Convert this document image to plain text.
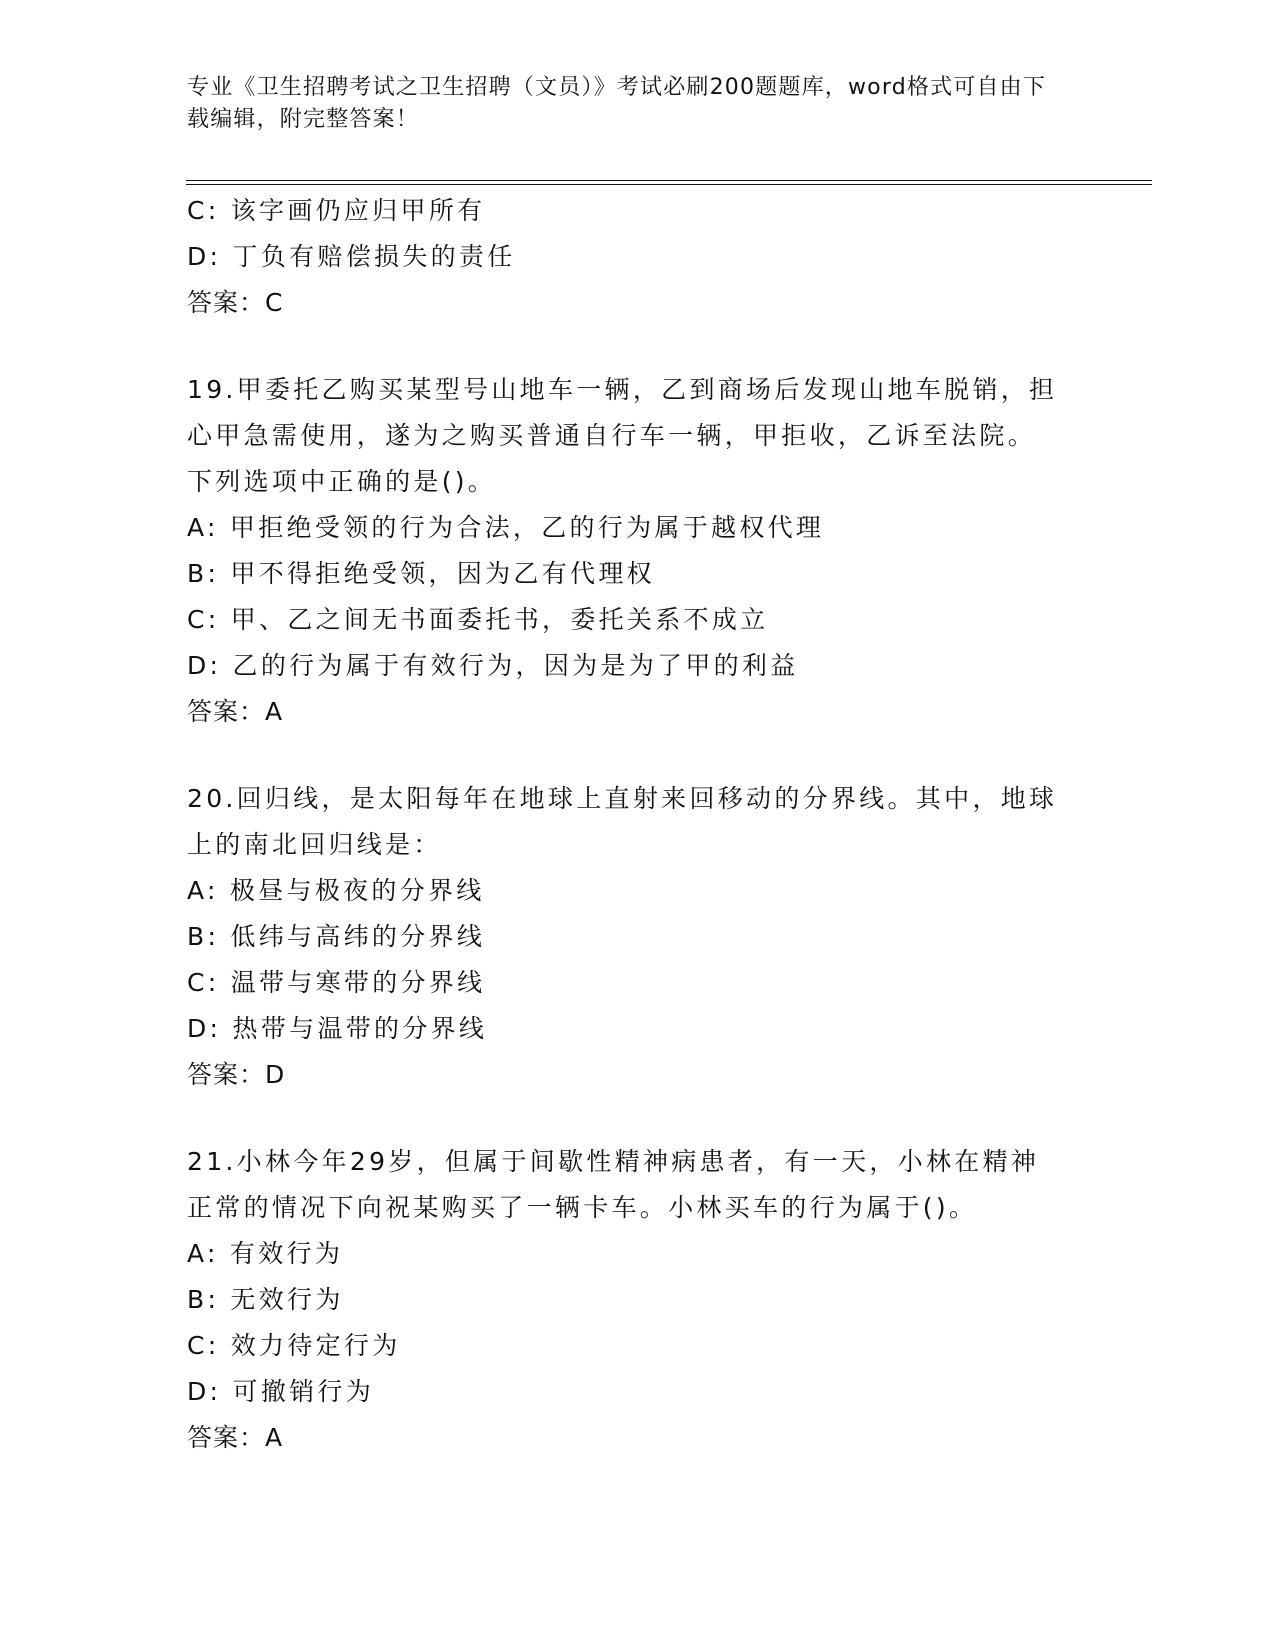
专业《卫生招聘考试之卫生招聘（文员）》考试必刷200题题库，word格式可自由下载编辑，附完整答案！
C: 该字画仍应归甲所有
D: 丁负有赔偿损失的责任
答案：C
19.甲委托乙购买某型号山地车一辆，乙到商场后发现山地车脱销，担
心甲急需使用，遂为之购买普通自行车一辆，甲拒收，乙诉至法院。
下列选项中正确的是()。
A: 甲拒绝受领的行为合法，乙的行为属于越权代理
B: 甲不得拒绝受领，因为乙有代理权
C: 甲、乙之间无书面委托书，委托关系不成立
D: 乙的行为属于有效行为，因为是为了甲的利益
答案：A
20.回归线，是太阳每年在地球上直射来回移动的分界线。其中，地球
上的南北回归线是：
A: 极昼与极夜的分界线
B: 低纬与高纬的分界线
C: 温带与寒带的分界线
D: 热带与温带的分界线
答案：D
21.小林今年29岁，但属于间歇性精神病患者，有一天，小林在精神
正常的情况下向祝某购买了一辆卡车。小林买车的行为属于()。
A: 有效行为
B: 无效行为
C: 效力待定行为
D: 可撤销行为
答案：A
